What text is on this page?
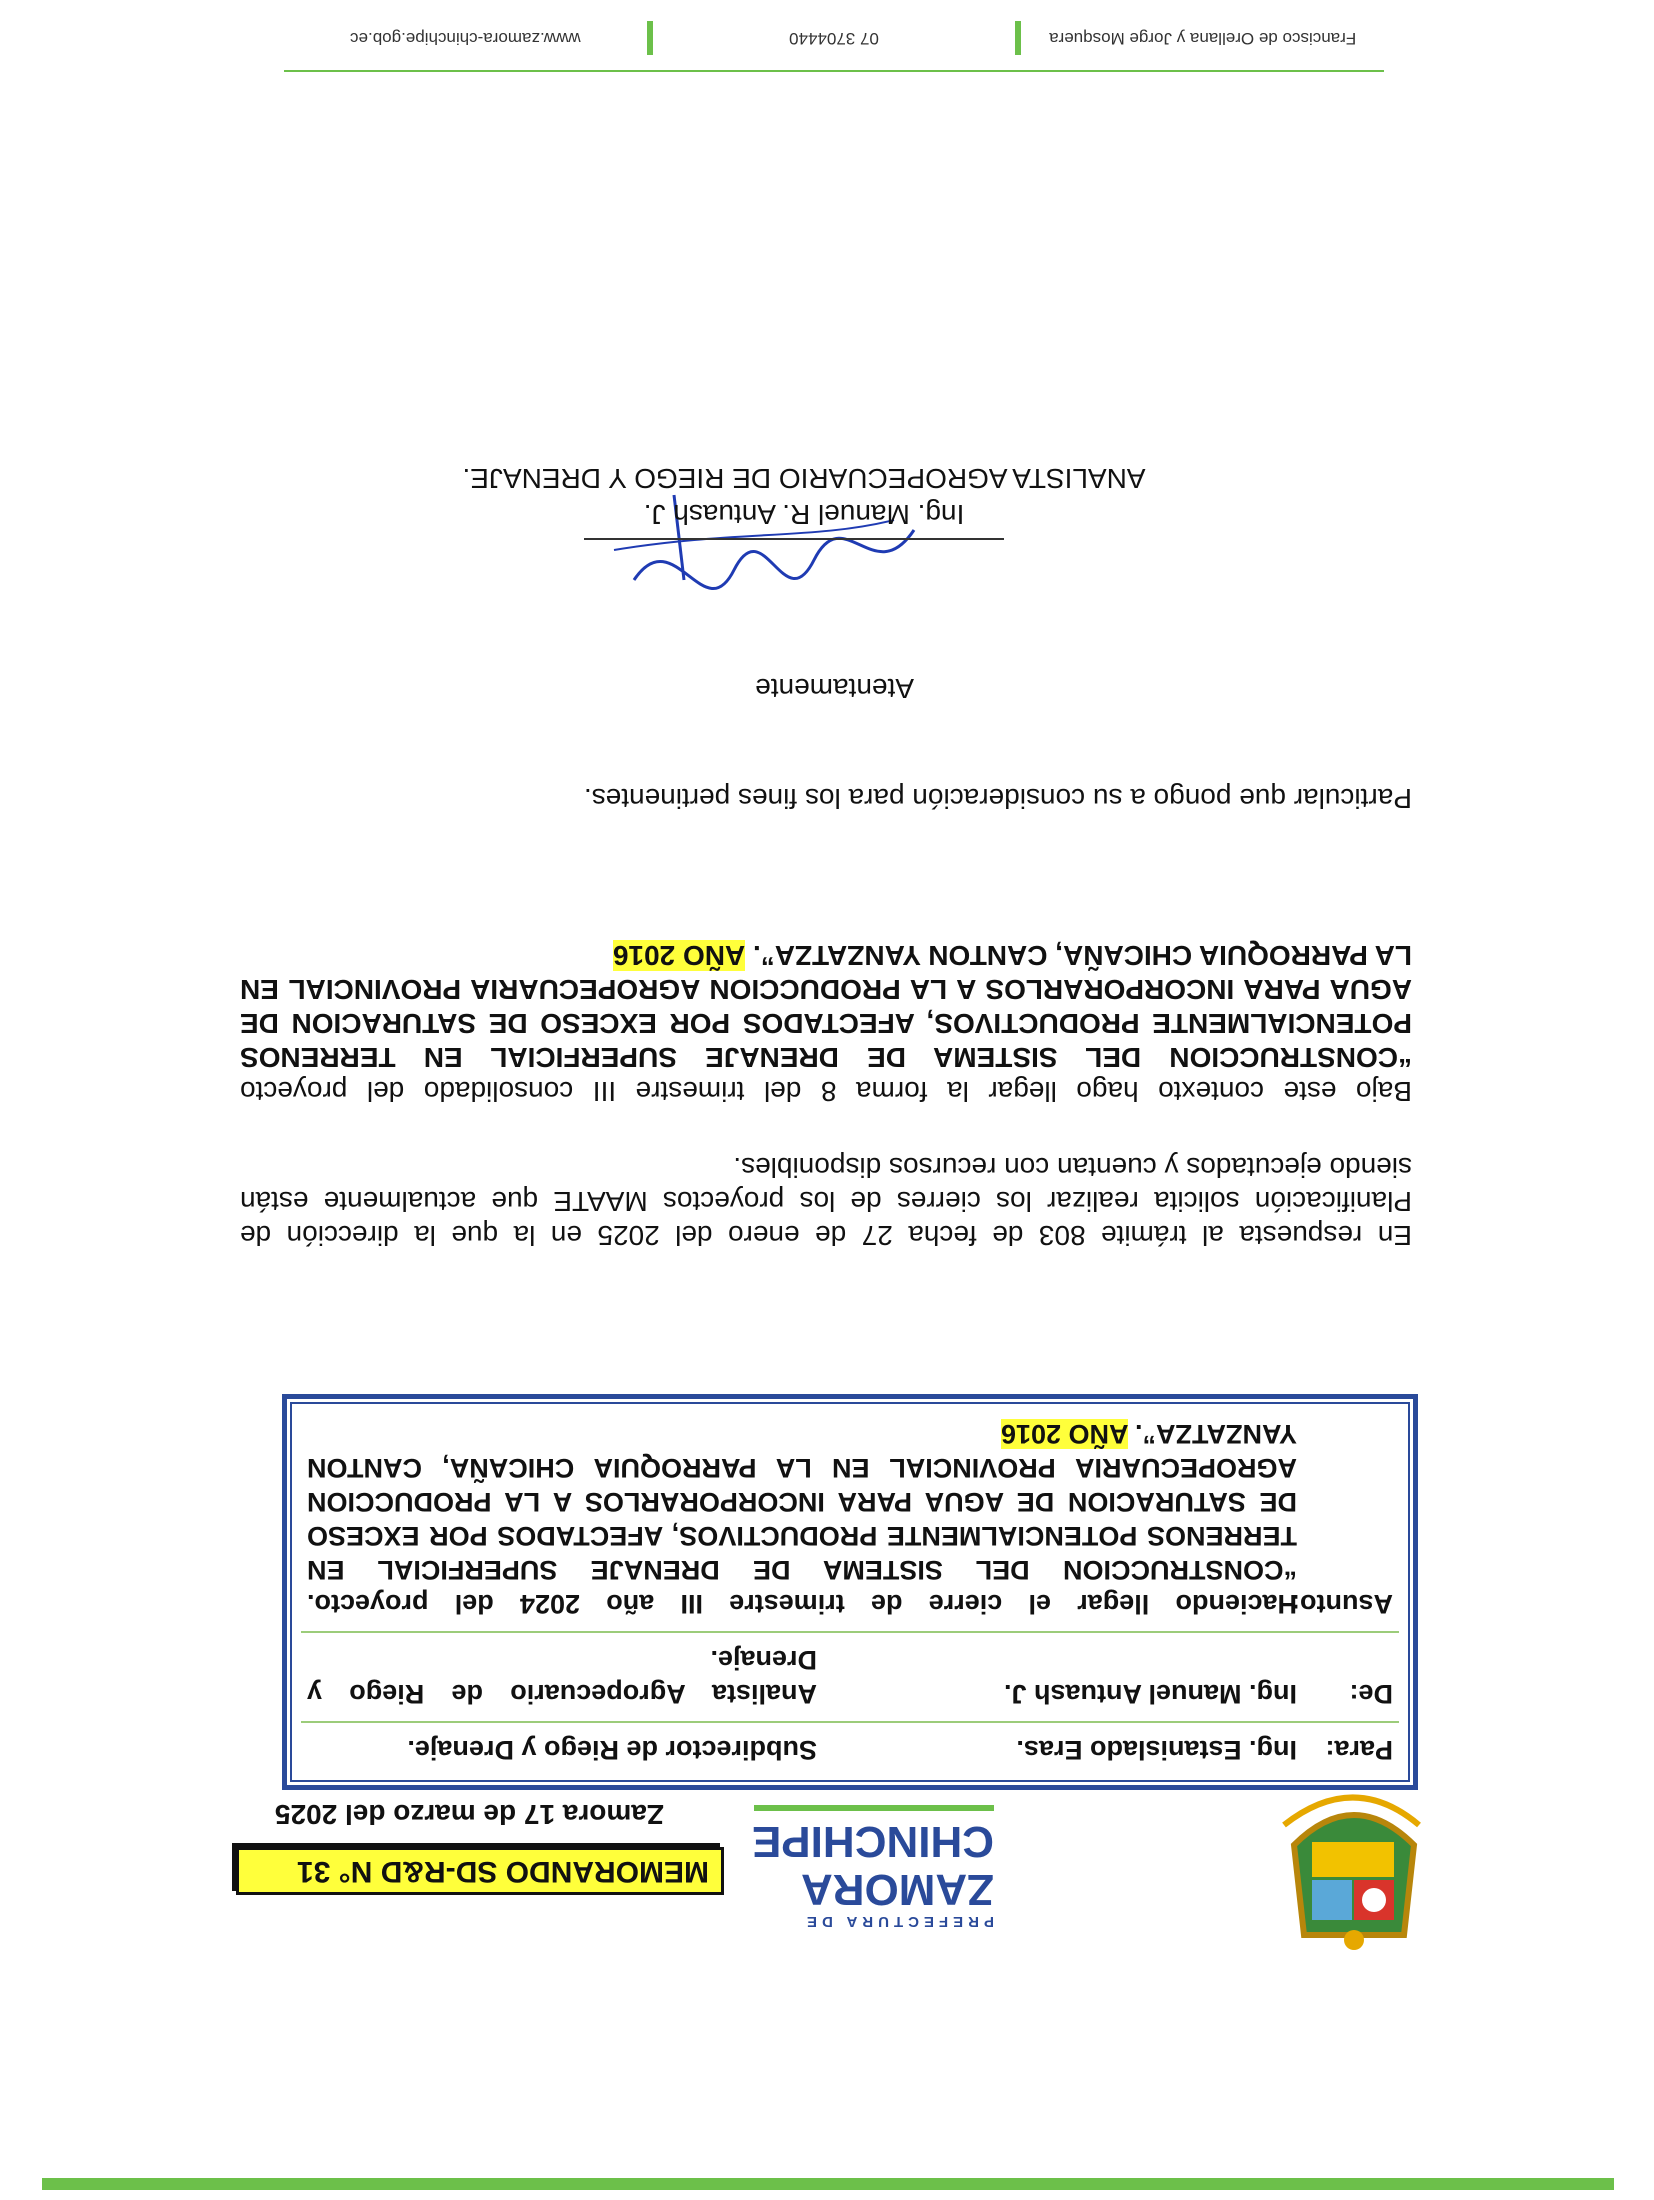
PREFECTURA DE
ZAMORA
CHINCHIPE
MEMORANDO SD-R&D N° 31
Zamora 17 de marzo del 2025
Para:
Ing. Estanislado Eras.
Subdirector de Riego y Drenaje.
De:
Ing. Manuel Antuash J.
Analista Agropecuario de Riego y Drenaje.
Asunto:
Haciendo llegar el cierre de trimestre III año 2024 del proyecto. “CONSTRUCCION DEL SISTEMA DE DRENAJE SUPERFICIAL EN TERRENOS POTENCIALMENTE PRODUCTIVOS, AFECTADOS POR EXCESO DE SATURACION DE AGUA PARA INCORPORARLOS A LA PRODUCCION AGROPECUARIA PROVINCIAL EN LA PARROQUIA CHICAÑA, CANTON YANZATZA”. AÑO 2016
En respuesta al trámite 803 de fecha 27 de enero del 2025 en la que la dirección de Planificación solicita realizar los cierres de los proyectos MAATE que actualmente están siendo ejecutados y cuentan con recursos disponibles.
Bajo este contexto hago llegar la forma 8 del trimestre III consolidado del proyecto “CONSTRUCCION DEL SISTEMA DE DRENAJE SUPERFICIAL EN TERRENOS POTENCIALMENTE PRODUCTIVOS, AFECTADOS POR EXCESO DE SATURACION DE AGUA PARA INCORPORARLOS A LA PRODUCCION AGROPECUARIA PROVINCIAL EN LA PARROQUIA CHICAÑA, CANTON YANZATZA”. AÑO 2016
Particular que pongo a su consideración para los fines pertinentes.
Atentamente
Ing. Manuel R. Antuash J.
ANALISTA AGROPECUARIO DE RIEGO Y DRENAJE.
Francisco de Orellana y Jorge Mosquera
07 3704440
www.zamora-chinchipe.gob.ec
